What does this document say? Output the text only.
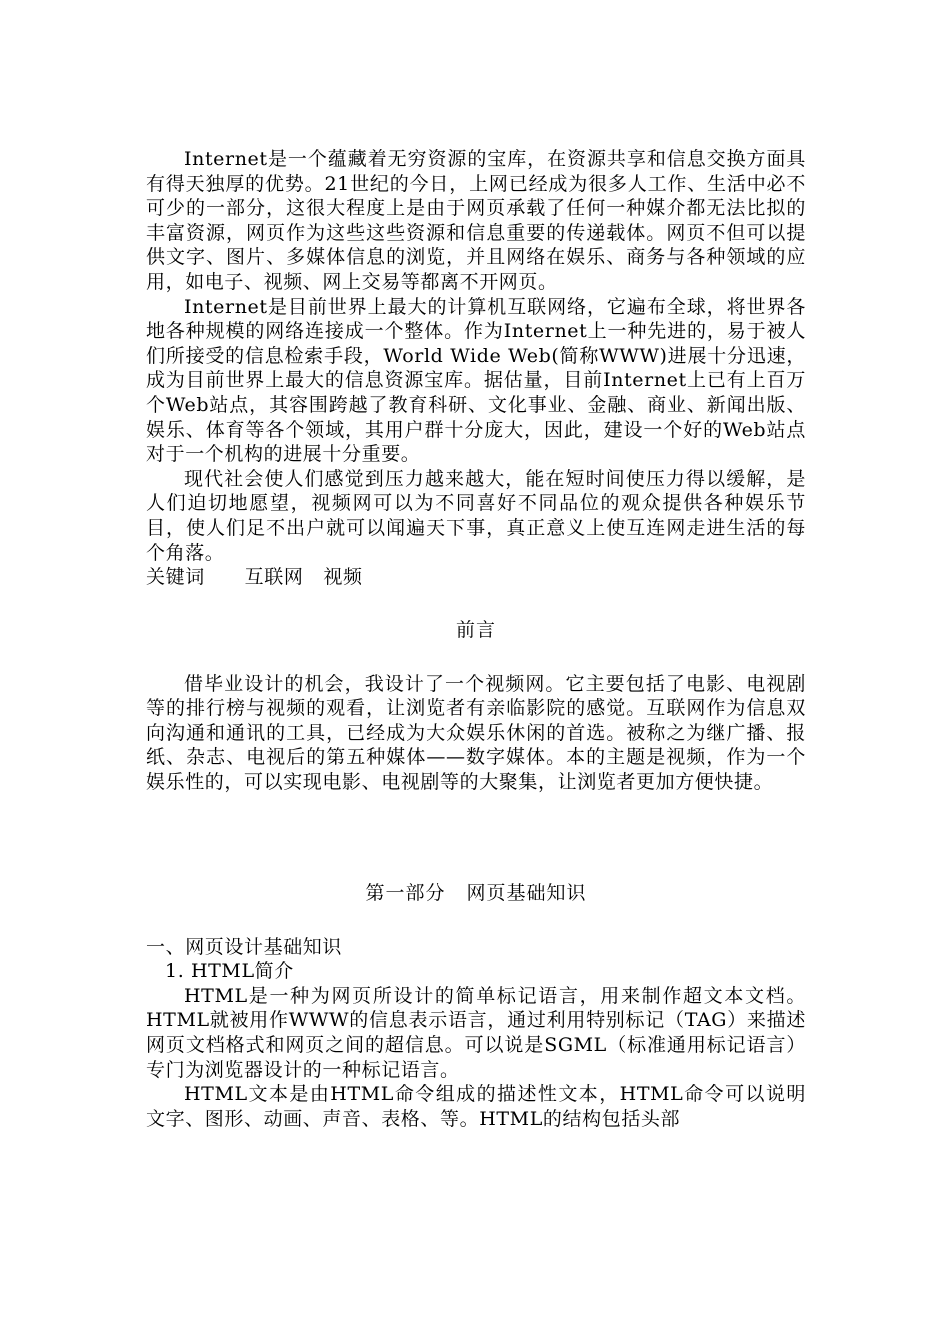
Internet是一个蕴藏着无穷资源的宝库，在资源共享和信息交换方面具有得天独厚的优势。21世纪的今日，上网已经成为很多人工作、生活中必不可少的一部分，这很大程度上是由于网页承载了任何一种媒介都无法比拟的丰富资源，网页作为这些这些资源和信息重要的传递载体。网页不但可以提供文字、图片、多媒体信息的浏览，并且网络在娱乐、商务与各种领域的应用，如电子、视频、网上交易等都离不开网页。

Internet是目前世界上最大的计算机互联网络，它遍布全球，将世界各地各种规模的网络连接成一个整体。作为Internet上一种先进的，易于被人们所接受的信息检索手段，World Wide Web(简称WWW)进展十分迅速，成为目前世界上最大的信息资源宝库。据估量，目前Internet上已有上百万个Web站点，其容围跨越了教育科研、文化事业、金融、商业、新闻出版、娱乐、体育等各个领域，其用户群十分庞大，因此，建设一个好的Web站点对于一个机构的进展十分重要。

现代社会使人们感觉到压力越来越大，能在短时间使压力得以缓解，是人们迫切地愿望，视频网可以为不同喜好不同品位的观众提供各种娱乐节目，使人们足不出户就可以闻遍天下事，真正意义上使互连网走进生活的每个角落。

关键词      互联网   视频

前言

借毕业设计的机会，我设计了一个视频网。它主要包括了电影、电视剧等的排行榜与视频的观看，让浏览者有亲临影院的感觉。互联网作为信息双向沟通和通讯的工具，已经成为大众娱乐休闲的首选。被称之为继广播、报纸、杂志、电视后的第五种媒体——数字媒体。本的主题是视频，作为一个娱乐性的，可以实现电影、电视剧等的大聚集，让浏览者更加方便快捷。

第一部分   网页基础知识

一、网页设计基础知识

1. HTML简介

HTML是一种为网页所设计的简单标记语言，用来制作超文本文档。HTML就被用作WWW的信息表示语言，通过利用特别标记（TAG）来描述网页文档格式和网页之间的超信息。可以说是SGML（标准通用标记语言）专门为浏览器设计的一种标记语言。

HTML文本是由HTML命令组成的描述性文本，HTML命令可以说明文字、图形、动画、声音、表格、等。HTML的结构包括头部
